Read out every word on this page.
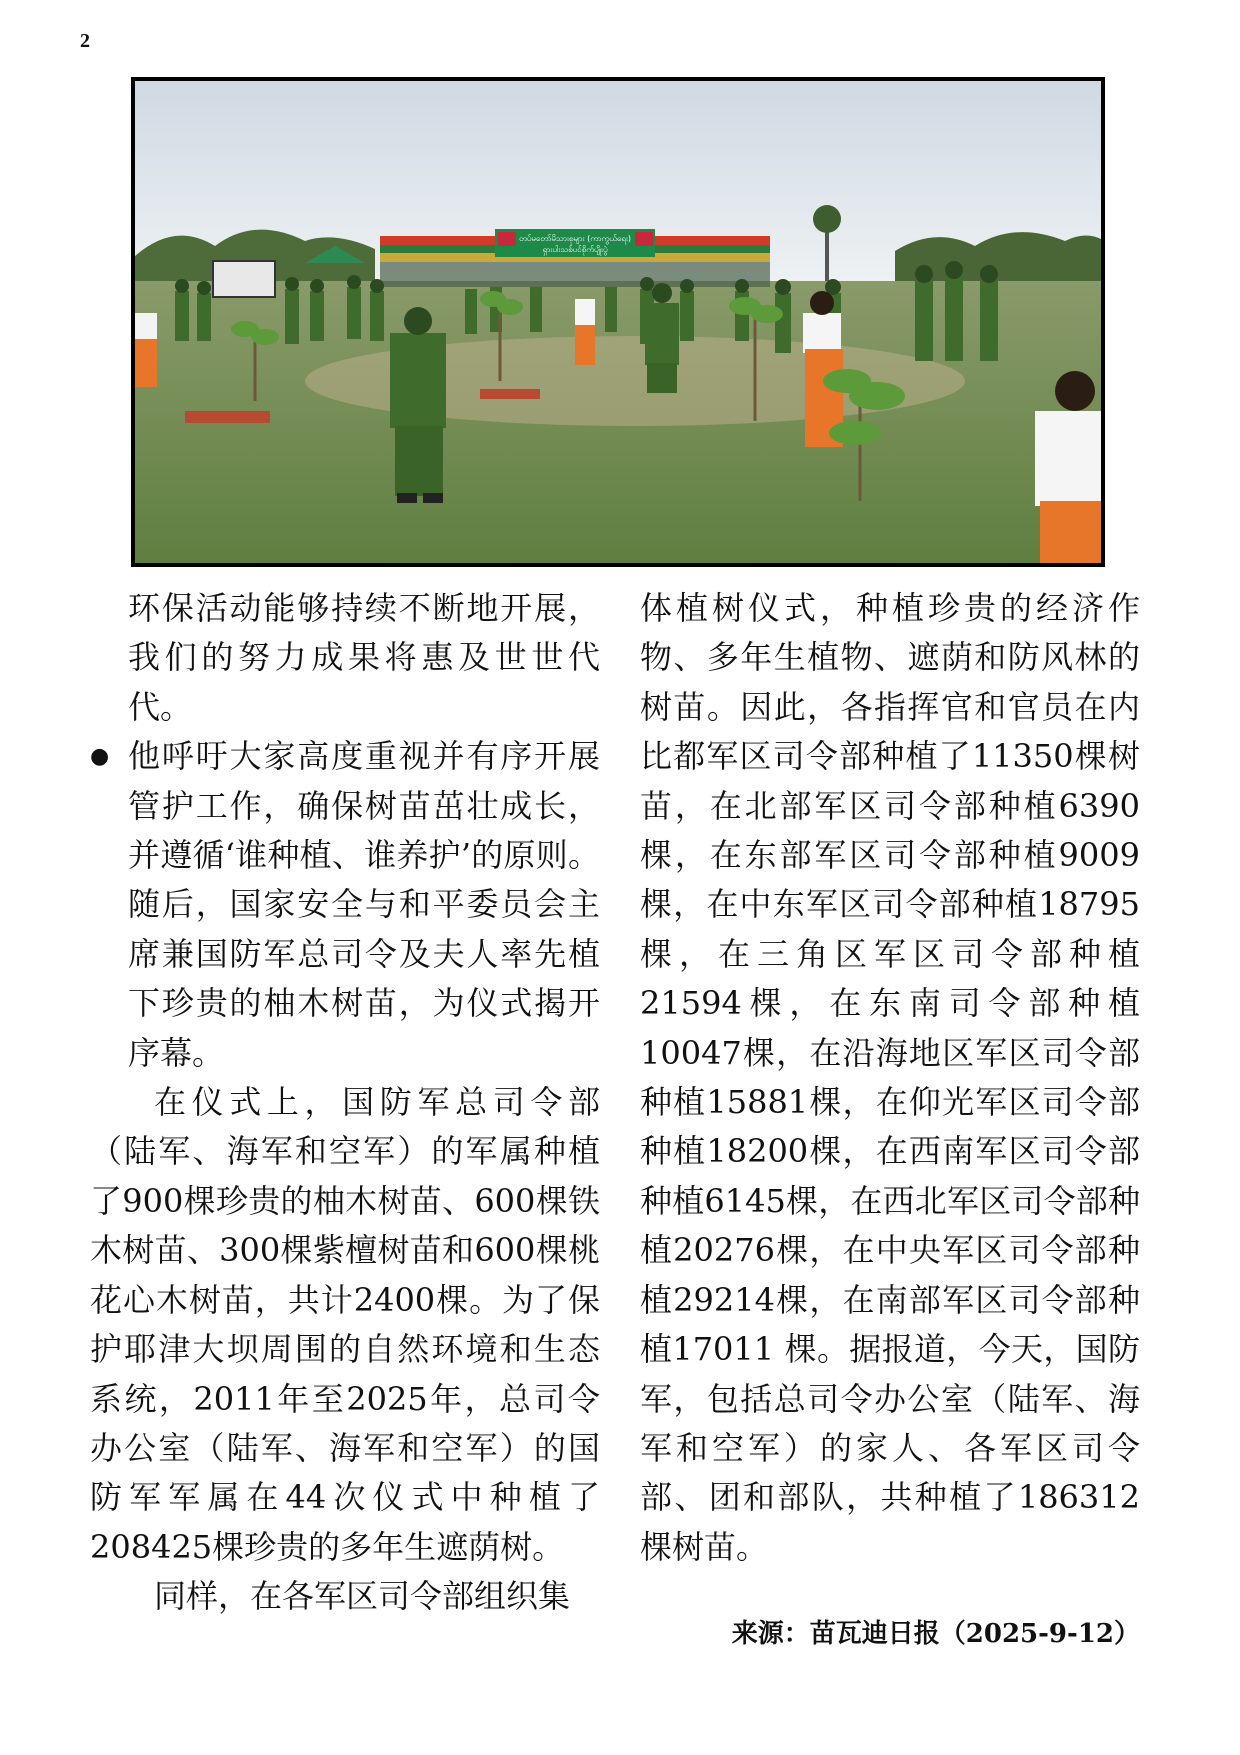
2
တပ်မတော်မိသားစုများ (ကာကွယ်ရေး)
ရှားပါးသစ်ပင်စိုက်ပျိုးပွဲ

环保活动能够持续不断地开展，我们的努力成果将惠及世世代代。

● 他呼吁大家高度重视并有序开展管护工作，确保树苗茁壮成长，并遵循‘谁种植、谁养护’的原则。随后，国家安全与和平委员会主席兼国防军总司令及夫人率先植下珍贵的柚木树苗，为仪式揭开序幕。

在仪式上，国防军总司令部（陆军、海军和空军）的军属种植了900棵珍贵的柚木树苗、600棵铁木树苗、300棵紫檀树苗和600棵桃花心木树苗，共计2400棵。为了保护耶津大坝周围的自然环境和生态系统，2011年至2025年，总司令办公室（陆军、海军和空军）的国防军军属在44次仪式中种植了208425棵珍贵的多年生遮荫树。

同样，在各军区司令部组织集

体植树仪式，种植珍贵的经济作物、多年生植物、遮荫和防风林的树苗。因此，各指挥官和官员在内比都军区司令部种植了11350棵树苗，在北部军区司令部种植6390棵，在东部军区司令部种植9009棵，在中东军区司令部种植18795棵，在三角区军区司令部种植21594棵，在东南司令部种植10047棵，在沿海地区军区司令部种植15881棵，在仰光军区司令部种植18200棵，在西南军区司令部种植6145棵，在西北军区司令部种植20276棵，在中央军区司令部种植29214棵，在南部军区司令部种植17011 棵。据报道，今天，国防军，包括总司令办公室（陆军、海军和空军）的家人、各军区司令部、团和部队，共种植了186312棵树苗。

来源：苗瓦迪日报（2025-9-12）
